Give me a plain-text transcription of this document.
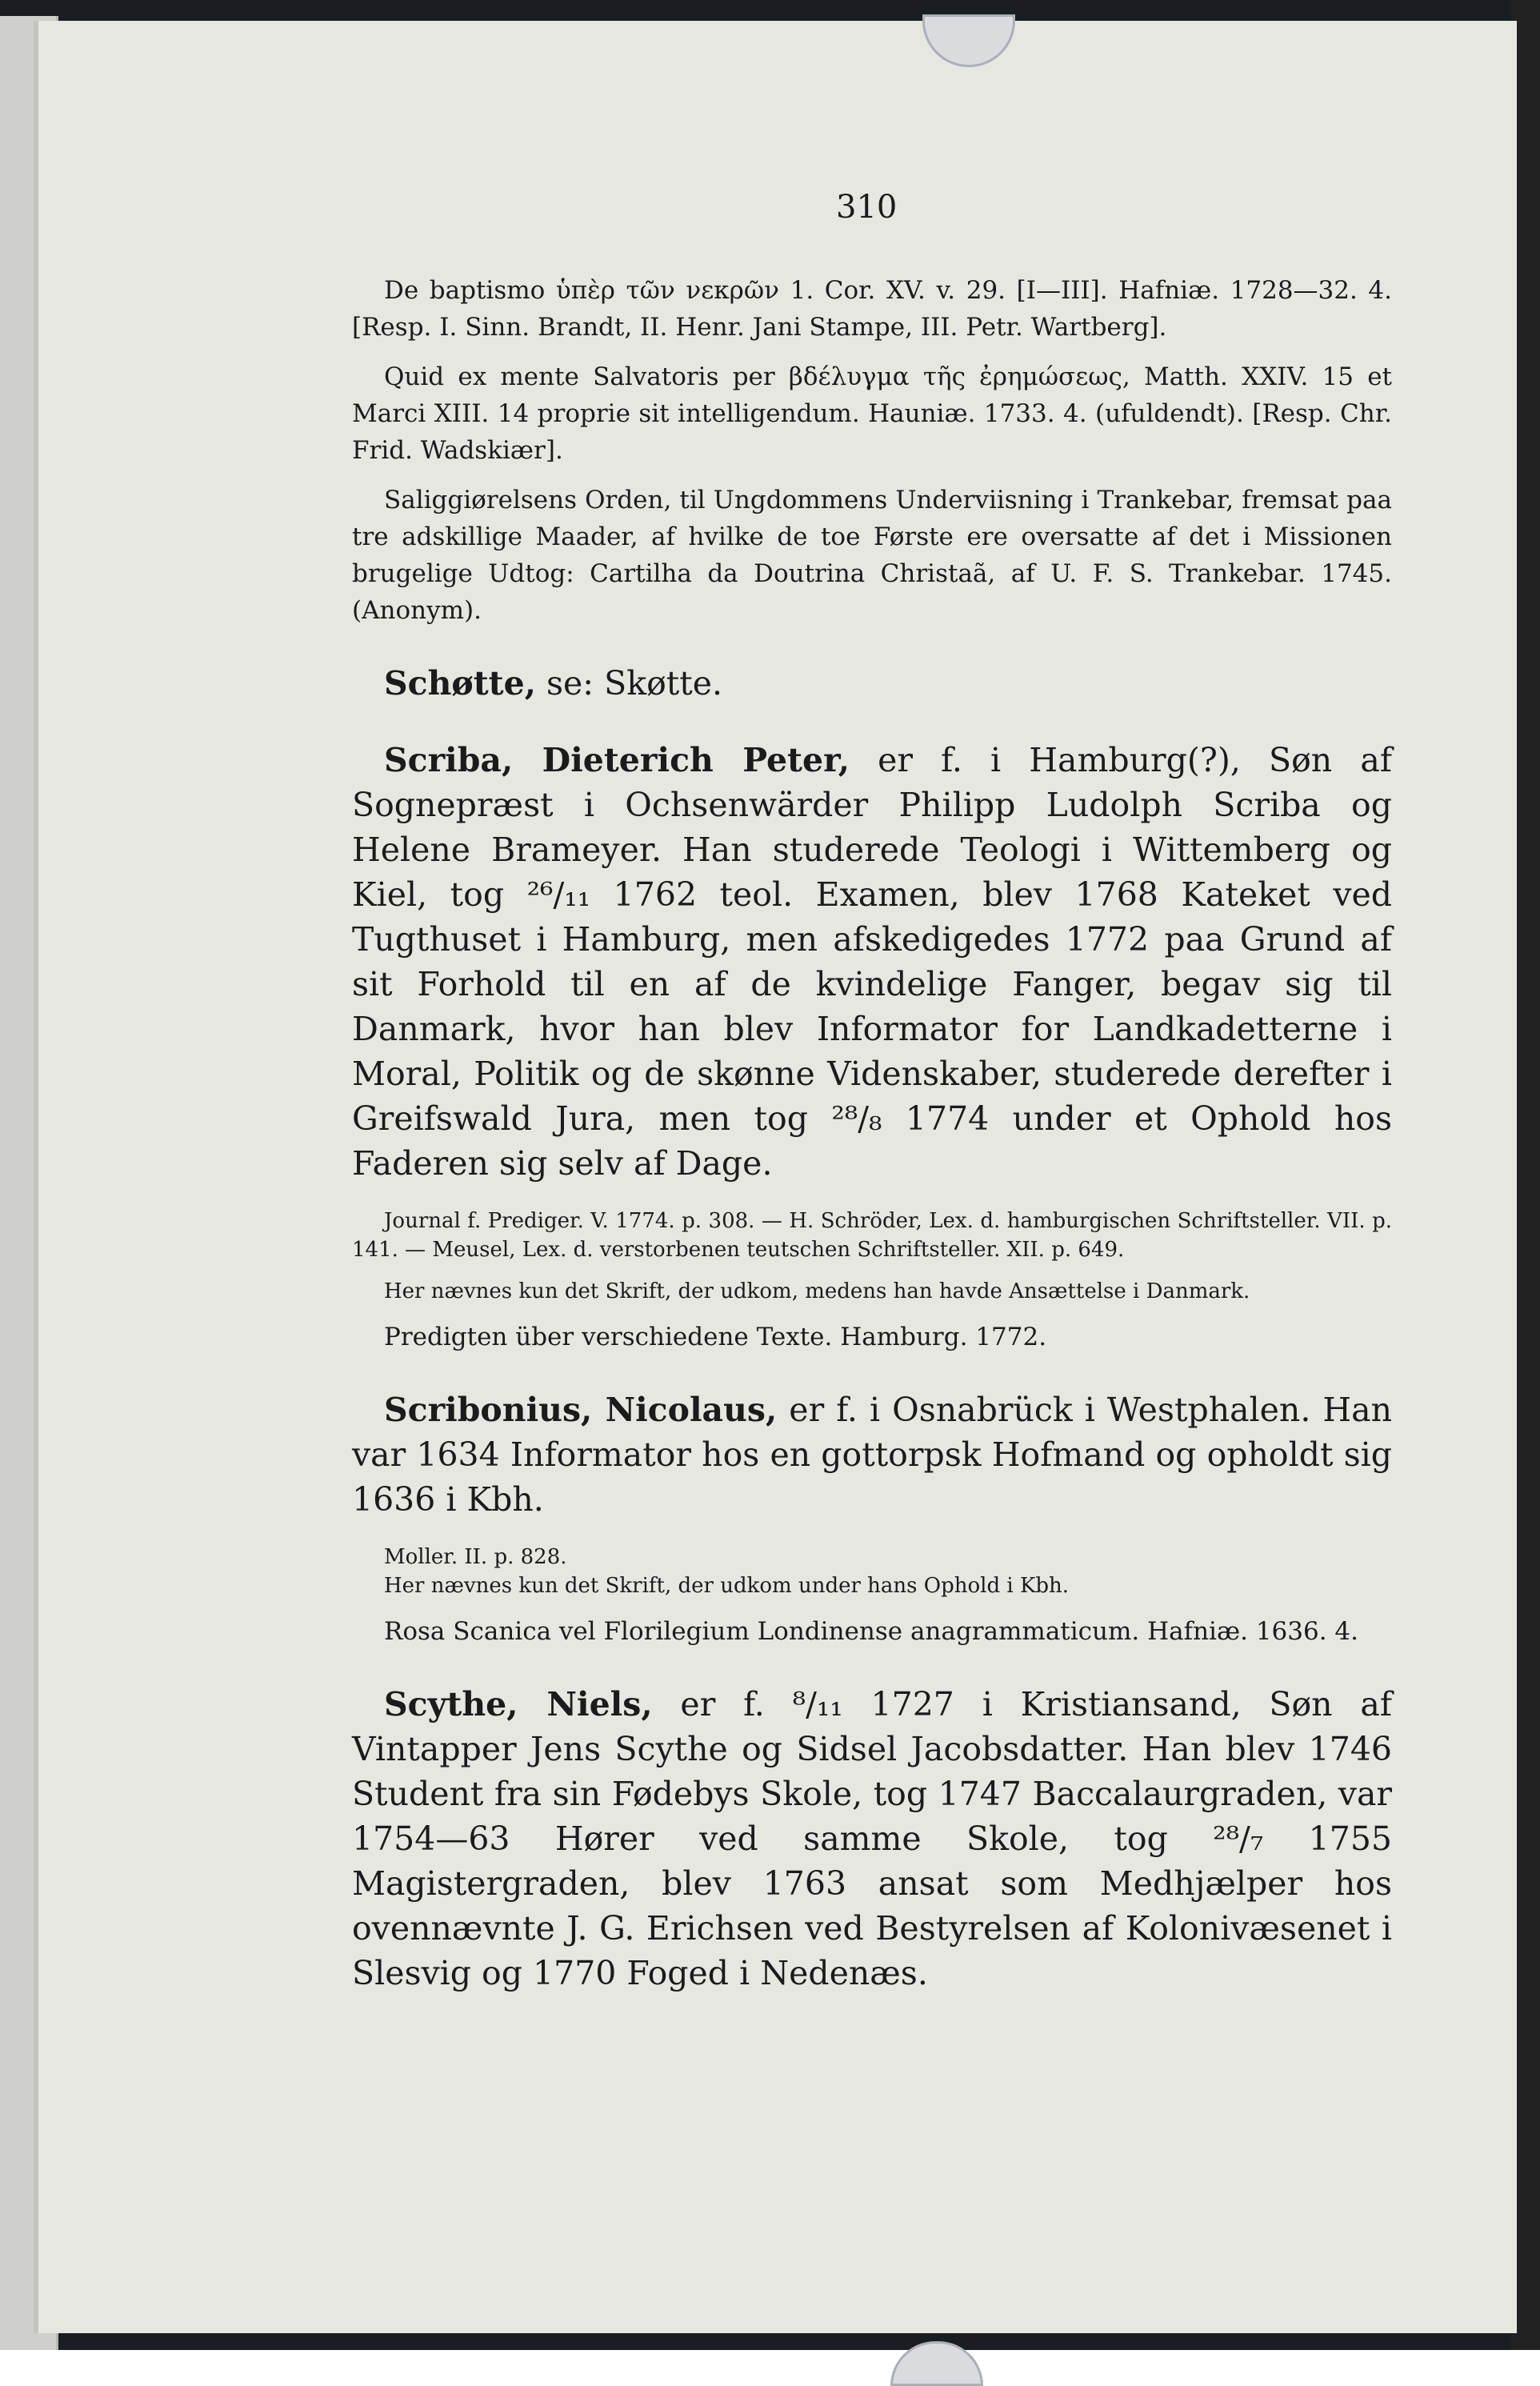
310

De baptismo ὑπὲρ τῶν νεκρῶν 1. Cor. XV. v. 29. [I—III]. Hafniæ. 1728—32. 4. [Resp. I. Sinn. Brandt, II. Henr. Jani Stampe, III. Petr. Wartberg].

Quid ex mente Salvatoris per βδέλυγμα τῆς ἐρημώσεως, Matth. XXIV. 15 et Marci XIII. 14 proprie sit intelligendum. Hauniæ. 1733. 4. (ufuldendt). [Resp. Chr. Frid. Wadskiær].

Saliggiørelsens Orden, til Ungdommens Underviisning i Trankebar, fremsat paa tre adskillige Maader, af hvilke de toe Første ere oversatte af det i Missionen brugelige Udtog: Cartilha da Doutrina Christaã, af U. F. S. Trankebar. 1745. (Anonym).

Schøtte, se: Skøtte.

Scriba, Dieterich Peter, er f. i Hamburg(?), Søn af Sognepræst i Ochsenwärder Philipp Ludolph Scriba og Helene Brameyer. Han studerede Teologi i Wittemberg og Kiel, tog ²⁶/₁₁ 1762 teol. Examen, blev 1768 Kateket ved Tugthuset i Hamburg, men afskedigedes 1772 paa Grund af sit Forhold til en af de kvindelige Fanger, begav sig til Danmark, hvor han blev Informator for Landkadetterne i Moral, Politik og de skønne Videnskaber, studerede derefter i Greifswald Jura, men tog ²⁸/₈ 1774 under et Ophold hos Faderen sig selv af Dage.

Journal f. Prediger. V. 1774. p. 308. — H. Schröder, Lex. d. hamburgischen Schriftsteller. VII. p. 141. — Meusel, Lex. d. verstorbenen teutschen Schriftsteller. XII. p. 649.

Her nævnes kun det Skrift, der udkom, medens han havde Ansættelse i Danmark.

Predigten über verschiedene Texte. Hamburg. 1772.

Scribonius, Nicolaus, er f. i Osnabrück i Westphalen. Han var 1634 Informator hos en gottorpsk Hofmand og opholdt sig 1636 i Kbh.

Moller. II. p. 828.

Her nævnes kun det Skrift, der udkom under hans Ophold i Kbh.

Rosa Scanica vel Florilegium Londinense anagrammaticum. Hafniæ. 1636. 4.

Scythe, Niels, er f. ⁸/₁₁ 1727 i Kristiansand, Søn af Vintapper Jens Scythe og Sidsel Jacobsdatter. Han blev 1746 Student fra sin Fødebys Skole, tog 1747 Baccalaurgraden, var 1754—63 Hører ved samme Skole, tog ²⁸/₇ 1755 Magistergraden, blev 1763 ansat som Medhjælper hos ovennævnte J. G. Erichsen ved Bestyrelsen af Kolonivæsenet i Slesvig og 1770 Foged i Nedenæs.
